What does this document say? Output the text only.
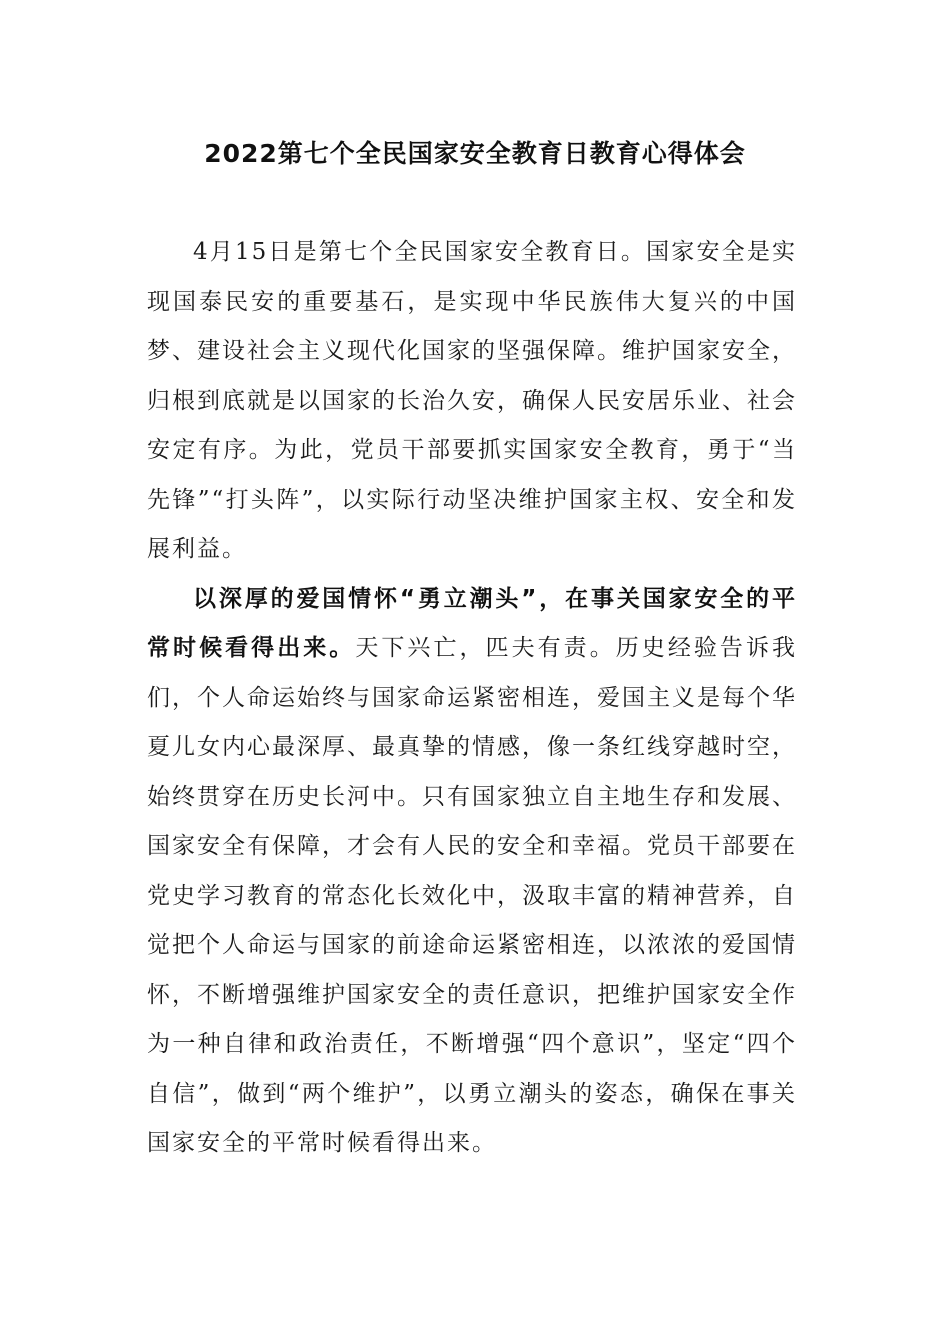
2022第七个全民国家安全教育日教育心得体会

4月15日是第七个全民国家安全教育日。国家安全是实现国泰民安的重要基石，是实现中华民族伟大复兴的中国梦、建设社会主义现代化国家的坚强保障。维护国家安全，归根到底就是以国家的长治久安，确保人民安居乐业、社会安定有序。为此，党员干部要抓实国家安全教育，勇于“当先锋”“打头阵”，以实际行动坚决维护国家主权、安全和发展利益。

以深厚的爱国情怀“勇立潮头”，在事关国家安全的平常时候看得出来。天下兴亡，匹夫有责。历史经验告诉我们，个人命运始终与国家命运紧密相连，爱国主义是每个华夏儿女内心最深厚、最真挚的情感，像一条红线穿越时空，始终贯穿在历史长河中。只有国家独立自主地生存和发展、国家安全有保障，才会有人民的安全和幸福。党员干部要在党史学习教育的常态化长效化中，汲取丰富的精神营养，自觉把个人命运与国家的前途命运紧密相连，以浓浓的爱国情怀，不断增强维护国家安全的责任意识，把维护国家安全作为一种自律和政治责任，不断增强“四个意识”，坚定“四个自信”，做到“两个维护”，以勇立潮头的姿态，确保在事关国家安全的平常时候看得出来。
